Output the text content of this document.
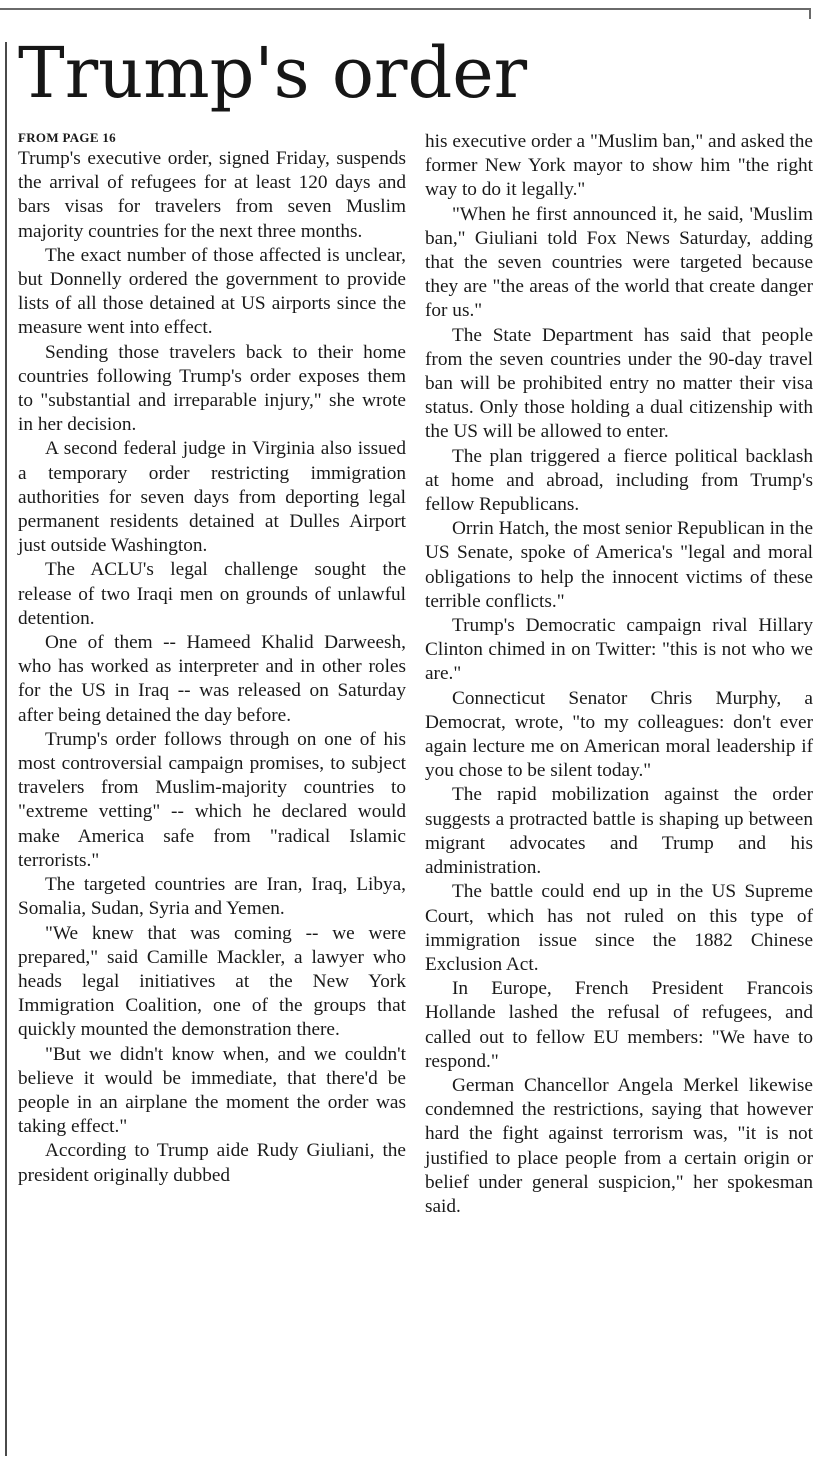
Trump's order
FROM PAGE 16

Trump's executive order, signed Friday, suspends the arrival of refugees for at least 120 days and bars visas for travelers from seven Muslim majority countries for the next three months.

The exact number of those affected is unclear, but Donnelly ordered the government to provide lists of all those detained at US airports since the measure went into effect.

Sending those travelers back to their home countries following Trump's order exposes them to "substantial and irreparable injury," she wrote in her decision.

A second federal judge in Virginia also issued a temporary order restricting immigration authorities for seven days from deporting legal permanent residents detained at Dulles Airport just outside Washington.

The ACLU's legal challenge sought the release of two Iraqi men on grounds of unlawful detention.

One of them -- Hameed Khalid Darweesh, who has worked as interpreter and in other roles for the US in Iraq -- was released on Saturday after being detained the day before.

Trump's order follows through on one of his most controversial campaign promises, to subject travelers from Muslim-majority countries to "extreme vetting" -- which he declared would make America safe from "radical Islamic terrorists."

The targeted countries are Iran, Iraq, Libya, Somalia, Sudan, Syria and Yemen.

"We knew that was coming -- we were prepared," said Camille Mackler, a lawyer who heads legal initiatives at the New York Immigration Coalition, one of the groups that quickly mounted the demonstration there.

"But we didn't know when, and we couldn't believe it would be immediate, that there'd be people in an airplane the moment the order was taking effect."

According to Trump aide Rudy Giuliani, the president originally dubbed

his executive order a "Muslim ban," and asked the former New York mayor to show him "the right way to do it legally."

"When he first announced it, he said, 'Muslim ban," Giuliani told Fox News Saturday, adding that the seven countries were targeted because they are "the areas of the world that create danger for us."

The State Department has said that people from the seven countries under the 90-day travel ban will be prohibited entry no matter their visa status. Only those holding a dual citizenship with the US will be allowed to enter.

The plan triggered a fierce political backlash at home and abroad, including from Trump's fellow Republicans.

Orrin Hatch, the most senior Republican in the US Senate, spoke of America's "legal and moral obligations to help the innocent victims of these terrible conflicts."

Trump's Democratic campaign rival Hillary Clinton chimed in on Twitter: "this is not who we are."

Connecticut Senator Chris Murphy, a Democrat, wrote, "to my colleagues: don't ever again lecture me on American moral leadership if you chose to be silent today."

The rapid mobilization against the order suggests a protracted battle is shaping up between migrant advocates and Trump and his administration.

The battle could end up in the US Supreme Court, which has not ruled on this type of immigration issue since the 1882 Chinese Exclusion Act.

In Europe, French President Francois Hollande lashed the refusal of refugees, and called out to fellow EU members: "We have to respond."

German Chancellor Angela Merkel likewise condemned the restrictions, saying that however hard the fight against terrorism was, "it is not justified to place people from a certain origin or belief under general suspicion," her spokesman said.
